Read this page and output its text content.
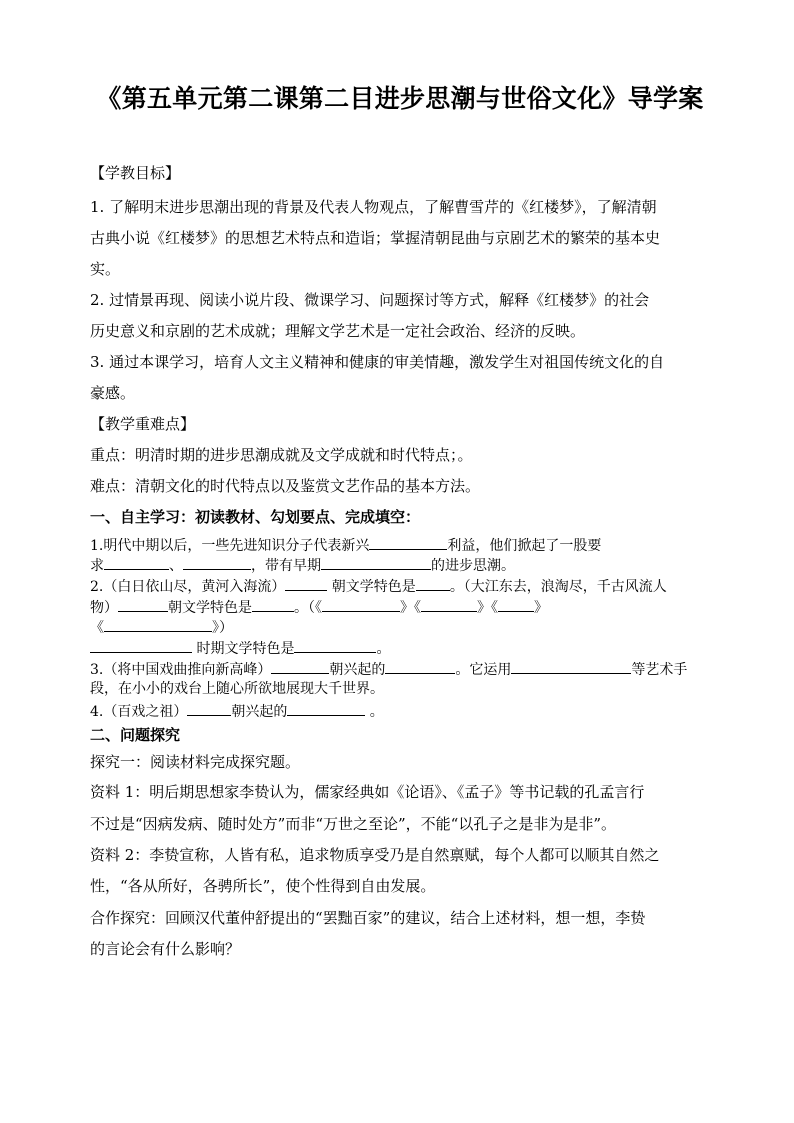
《第五单元第二课第二目进步思潮与世俗文化》导学案
【学教目标】
1. 了解明末进步思潮出现的背景及代表人物观点，了解曹雪芹的《红楼梦》，了解清朝
古典小说《红楼梦》的思想艺术特点和造诣；掌握清朝昆曲与京剧艺术的繁荣的基本史
实。
2. 过情景再现、阅读小说片段、微课学习、问题探讨等方式，解释《红楼梦》的社会
历史意义和京剧的艺术成就；理解文学艺术是一定社会政治、经济的反映。
3. 通过本课学习，培育人文主义精神和健康的审美情趣，激发学生对祖国传统文化的自
豪感。
【教学重难点】
重点：明清时期的进步思潮成就及文学成就和时代特点；。
难点：清朝文化的时代特点以及鉴赏文艺作品的基本方法。
一、自主学习：初读教材、勾划要点、完成填空：
1.明代中期以后，一些先进知识分子代表新兴	利益，他们掀起了一股要
求	、	，带有早期	的进步思潮。
2.（白日依山尽，黄河入海流）	朝文学特色是 。（大江东去，浪淘尽，千古风流人
物）	朝文学特色是	。（《	》《	》《	》
《	》）
时期文学特色是	。
3.（将中国戏曲推向新高峰）	朝兴起的	。它运用	等艺术手
段，在小小的戏台上随心所欲地展现大千世界。
4.（百戏之祖）	朝兴起的	。
二、问题探究
探究一：阅读材料完成探究题。
资料 1：明后期思想家李贽认为，儒家经典如《论语》、《孟子》等书记载的孔孟言行
不过是“因病发病、随时处方”而非“万世之至论”，不能“以孔子之是非为是非”。
资料 2：李贽宣称，人皆有私，追求物质享受乃是自然禀赋，每个人都可以顺其自然之
性，“各从所好，各骋所长”，使个性得到自由发展。
合作探究：回顾汉代董仲舒提出的“罢黜百家”的建议，结合上述材料，想一想，李贽
的言论会有什么影响？
